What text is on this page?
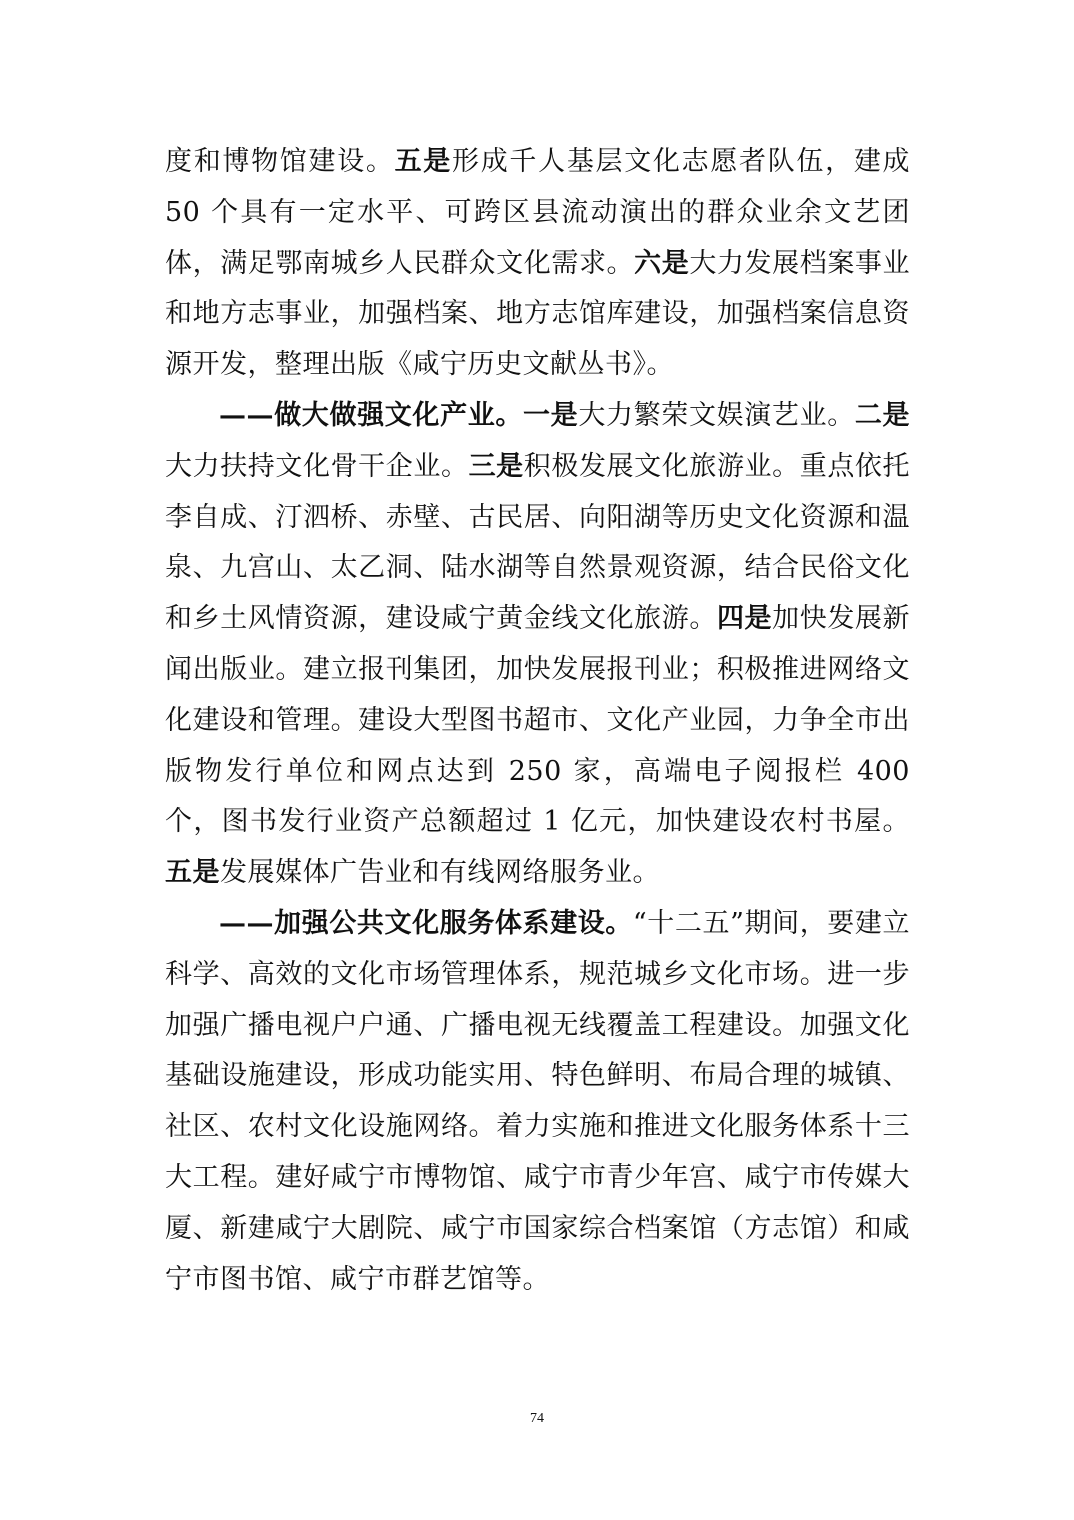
度和博物馆建设。五是形成千人基层文化志愿者队伍，建成 50 个具有一定水平、可跨区县流动演出的群众业余文艺团体，满足鄂南城乡人民群众文化需求。六是大力发展档案事业和地方志事业，加强档案、地方志馆库建设，加强档案信息资源开发，整理出版《咸宁历史文献丛书》。

——做大做强文化产业。一是大力繁荣文娱演艺业。二是大力扶持文化骨干企业。三是积极发展文化旅游业。重点依托李自成、汀泗桥、赤壁、古民居、向阳湖等历史文化资源和温泉、九宫山、太乙洞、陆水湖等自然景观资源，结合民俗文化和乡土风情资源，建设咸宁黄金线文化旅游。四是加快发展新闻出版业。建立报刊集团，加快发展报刊业；积极推进网络文化建设和管理。建设大型图书超市、文化产业园，力争全市出版物发行单位和网点达到 250 家，高端电子阅报栏 400 个，图书发行业资产总额超过 1 亿元，加快建设农村书屋。五是发展媒体广告业和有线网络服务业。

——加强公共文化服务体系建设。“十二五”期间，要建立科学、高效的文化市场管理体系，规范城乡文化市场。进一步加强广播电视户户通、广播电视无线覆盖工程建设。加强文化基础设施建设，形成功能实用、特色鲜明、布局合理的城镇、社区、农村文化设施网络。着力实施和推进文化服务体系十三大工程。建好咸宁市博物馆、咸宁市青少年宫、咸宁市传媒大厦、新建咸宁大剧院、咸宁市国家综合档案馆（方志馆）和咸宁市图书馆、咸宁市群艺馆等。

74
